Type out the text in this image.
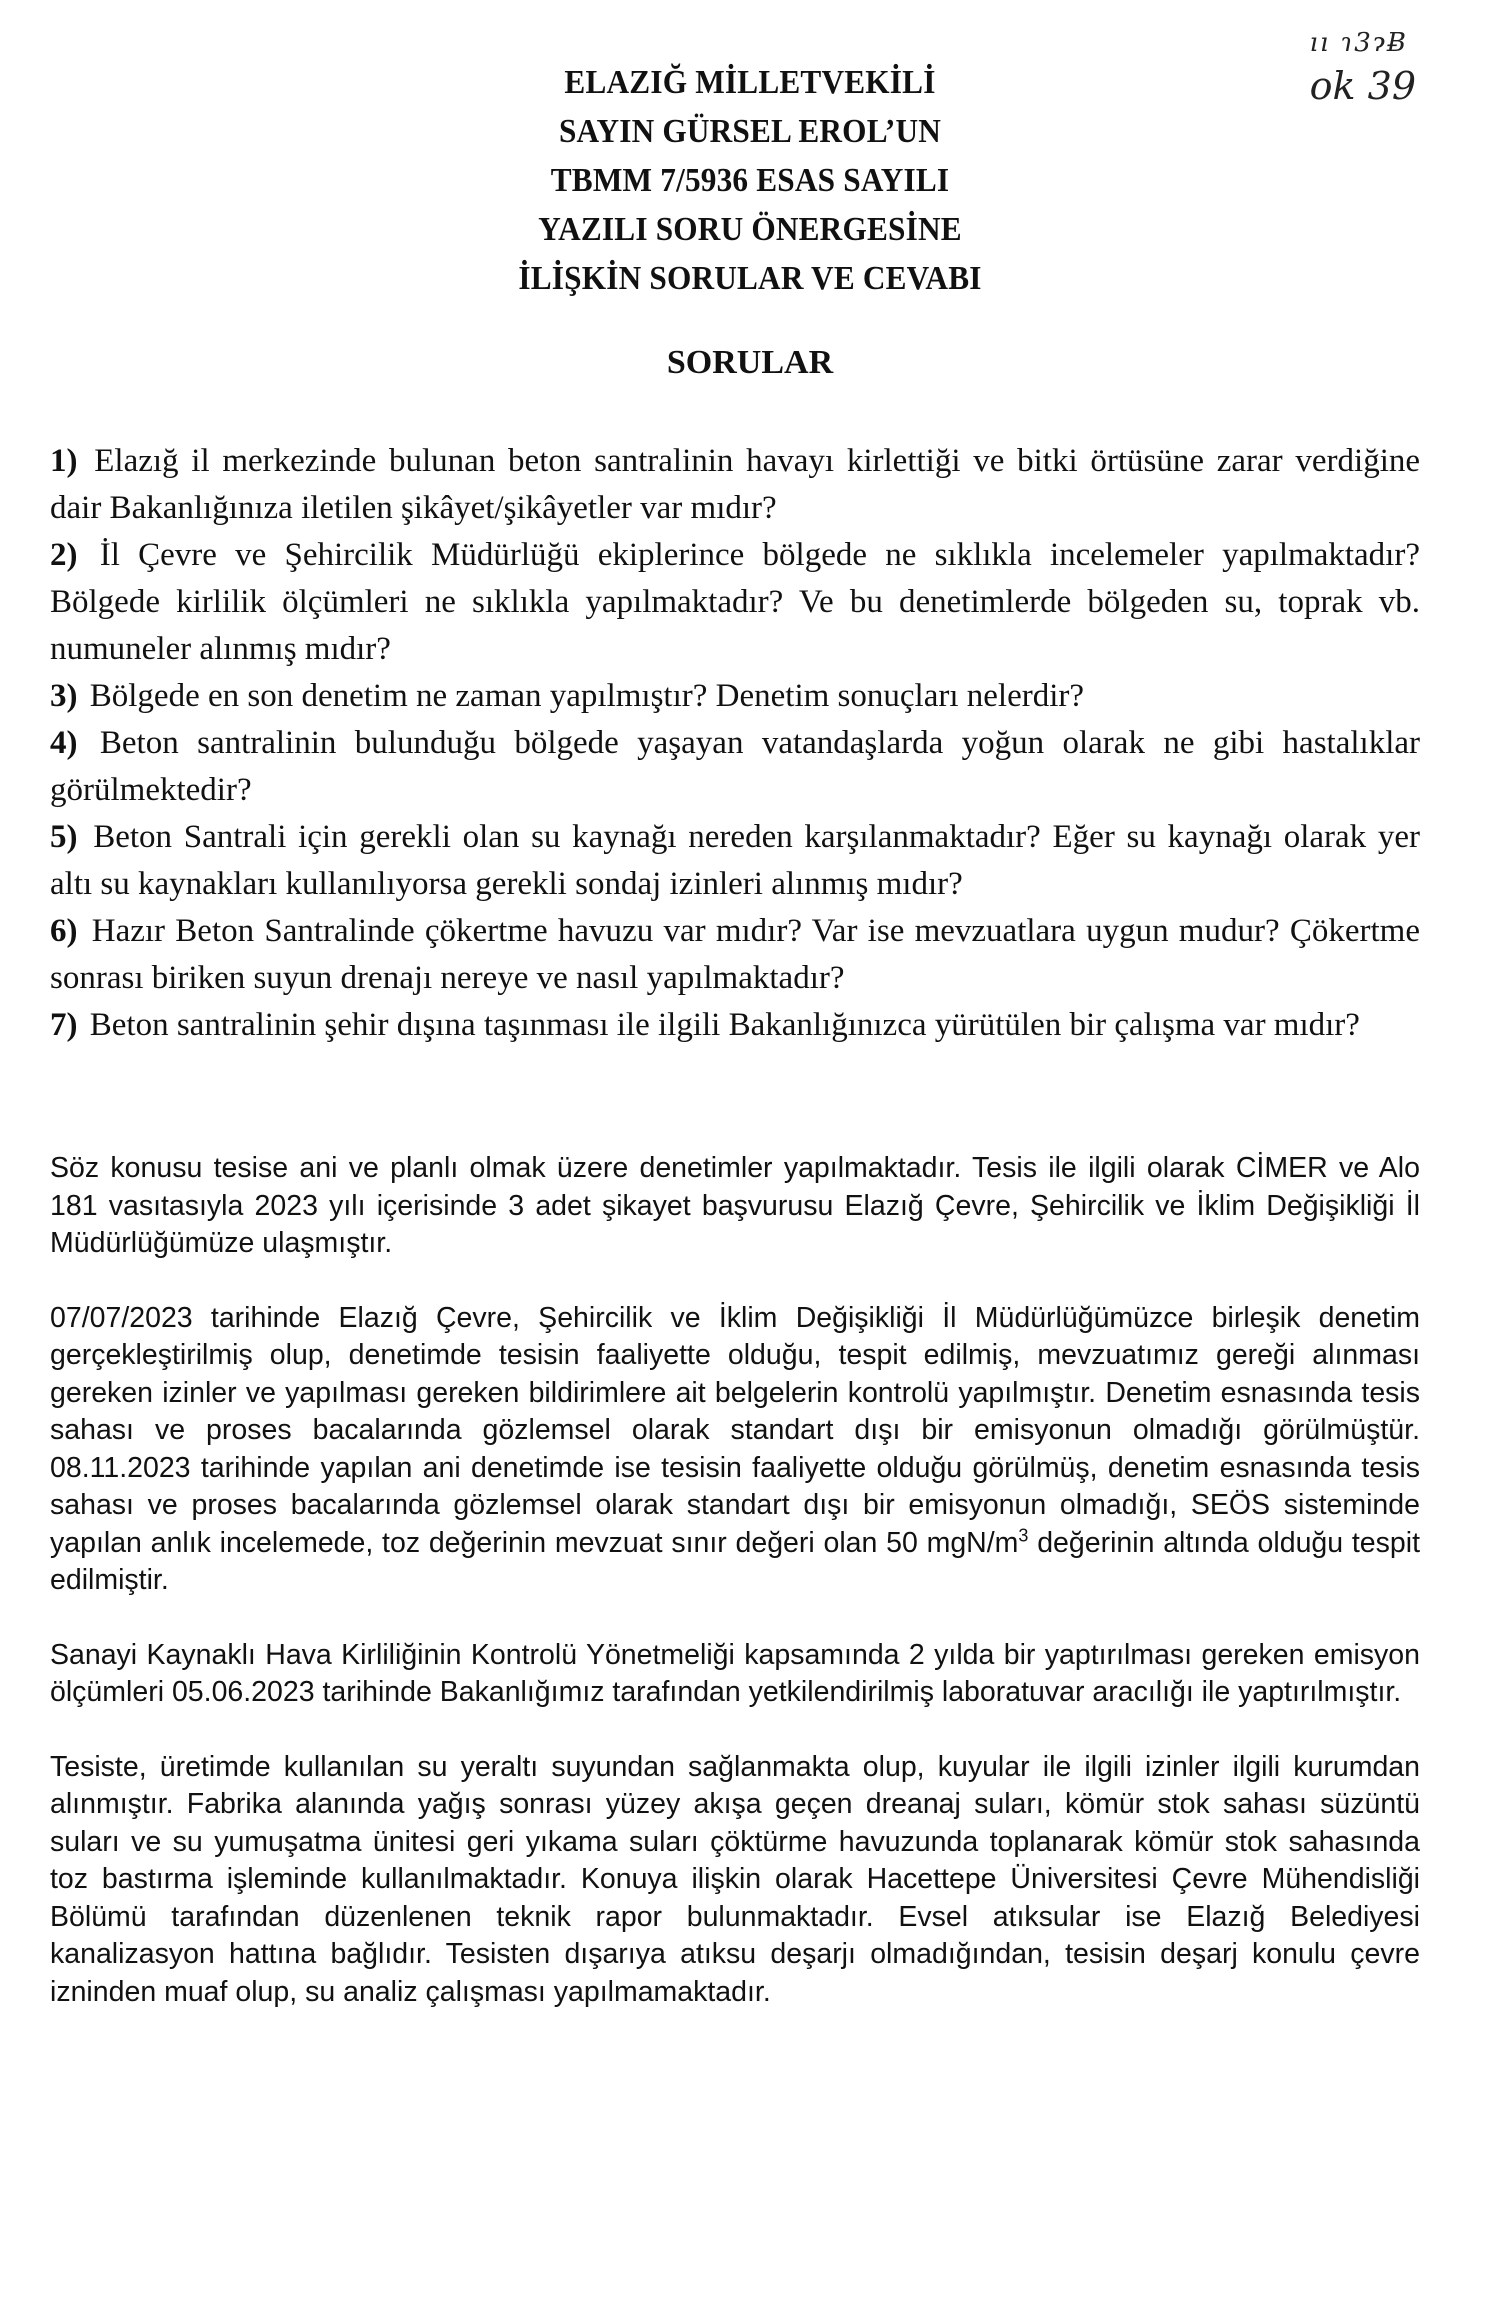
ıı ɿ3ɂɃ
ok 39
ELAZIĞ MİLLETVEKİLİ
SAYIN GÜRSEL EROL’UN
TBMM 7/5936 ESAS SAYILI
YAZILI SORU ÖNERGESİNE
İLİŞKİN SORULAR VE CEVABI
SORULAR

1) Elazığ il merkezinde bulunan beton santralinin havayı kirlettiği ve bitki örtüsüne zarar verdiğine dair Bakanlığınıza iletilen şikâyet/şikâyetler var mıdır?

2) İl Çevre ve Şehircilik Müdürlüğü ekiplerince bölgede ne sıklıkla incelemeler yapılmaktadır? Bölgede kirlilik ölçümleri ne sıklıkla yapılmaktadır? Ve bu denetimlerde bölgeden su, toprak vb. numuneler alınmış mıdır?

3) Bölgede en son denetim ne zaman yapılmıştır? Denetim sonuçları nelerdir?

4) Beton santralinin bulunduğu bölgede yaşayan vatandaşlarda yoğun olarak ne gibi hastalıklar görülmektedir?

5) Beton Santrali için gerekli olan su kaynağı nereden karşılanmaktadır? Eğer su kaynağı olarak yer altı su kaynakları kullanılıyorsa gerekli sondaj izinleri alınmış mıdır?

6) Hazır Beton Santralinde çökertme havuzu var mıdır? Var ise mevzuatlara uygun mudur? Çökertme sonrası biriken suyun drenajı nereye ve nasıl yapılmaktadır?

7) Beton santralinin şehir dışına taşınması ile ilgili Bakanlığınızca yürütülen bir çalışma var mıdır?

Söz konusu tesise ani ve planlı olmak üzere denetimler yapılmaktadır. Tesis ile ilgili olarak CİMER ve Alo 181 vasıtasıyla 2023 yılı içerisinde 3 adet şikayet başvurusu Elazığ Çevre, Şehircilik ve İklim Değişikliği İl Müdürlüğümüze ulaşmıştır.

07/07/2023 tarihinde Elazığ Çevre, Şehircilik ve İklim Değişikliği İl Müdürlüğümüzce birleşik denetim gerçekleştirilmiş olup, denetimde tesisin faaliyette olduğu, tespit edilmiş, mevzuatımız gereği alınması gereken izinler ve yapılması gereken bildirimlere ait belgelerin kontrolü yapılmıştır. Denetim esnasında tesis sahası ve proses bacalarında gözlemsel olarak standart dışı bir emisyonun olmadığı görülmüştür. 08.11.2023 tarihinde yapılan ani denetimde ise tesisin faaliyette olduğu görülmüş, denetim esnasında tesis sahası ve proses bacalarında gözlemsel olarak standart dışı bir emisyonun olmadığı, SEÖS sisteminde yapılan anlık incelemede, toz değerinin mevzuat sınır değeri olan 50 mgN/$m^3$ değerinin altında olduğu tespit edilmiştir.

Sanayi Kaynaklı Hava Kirliliğinin Kontrolü Yönetmeliği kapsamında 2 yılda bir yaptırılması gereken emisyon ölçümleri 05.06.2023 tarihinde Bakanlığımız tarafından yetkilendirilmiş laboratuvar aracılığı ile yaptırılmıştır.

Tesiste, üretimde kullanılan su yeraltı suyundan sağlanmakta olup, kuyular ile ilgili izinler ilgili kurumdan alınmıştır. Fabrika alanında yağış sonrası yüzey akışa geçen dreanaj suları, kömür stok sahası süzüntü suları ve su yumuşatma ünitesi geri yıkama suları çöktürme havuzunda toplanarak kömür stok sahasında toz bastırma işleminde kullanılmaktadır. Konuya ilişkin olarak Hacettepe Üniversitesi Çevre Mühendisliği Bölümü tarafından düzenlenen teknik rapor bulunmaktadır. Evsel atıksular ise Elazığ Belediyesi kanalizasyon hattına bağlıdır. Tesisten dışarıya atıksu deşarjı olmadığından, tesisin deşarj konulu çevre izninden muaf olup, su analiz çalışması yapılmamaktadır.
